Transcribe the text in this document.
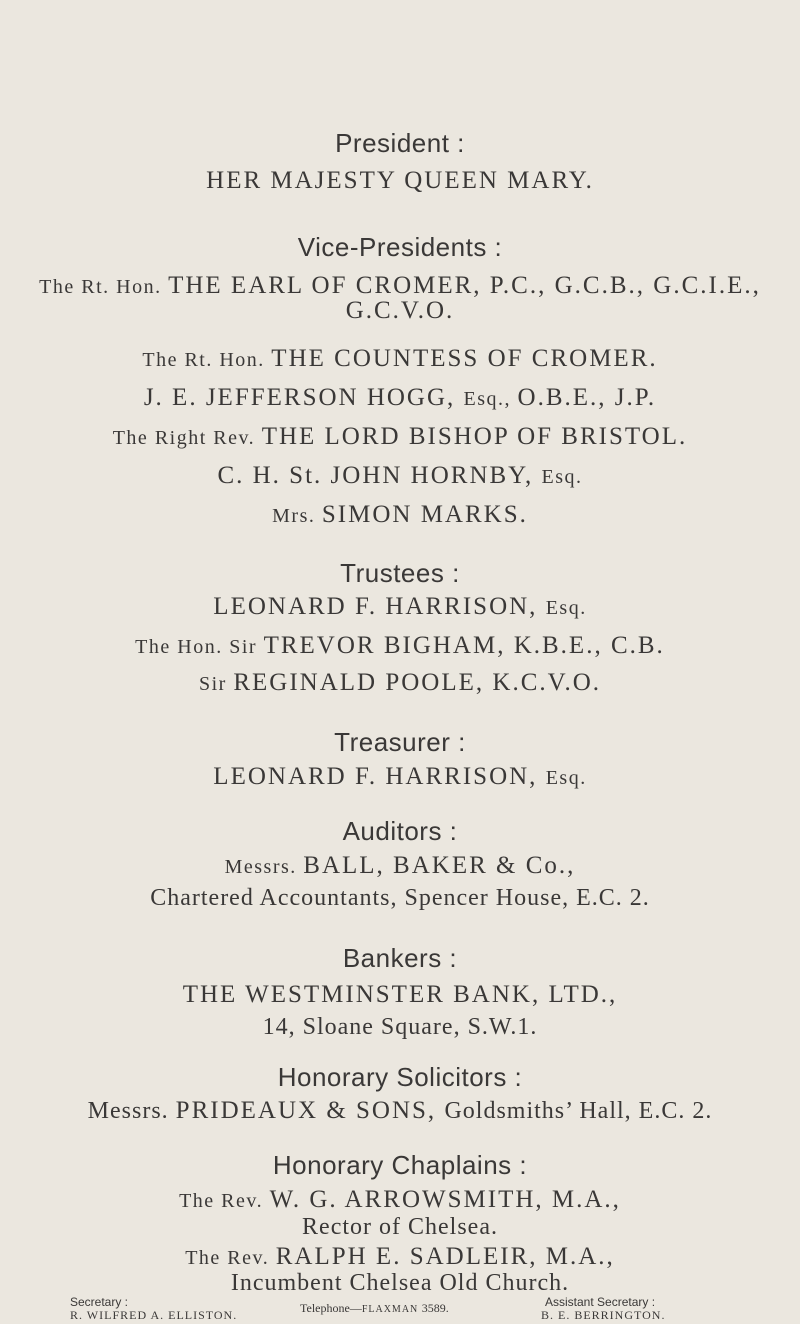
President :
HER MAJESTY QUEEN MARY.
Vice-Presidents :
The Rt. Hon. THE EARL OF CROMER, P.C., G.C.B., G.C.I.E.,
G.C.V.O.
The Rt. Hon. THE COUNTESS OF CROMER.
J. E. JEFFERSON HOGG, Esq., O.B.E., J.P.
The Right Rev. THE LORD BISHOP OF BRISTOL.
C. H. St. JOHN HORNBY, Esq.
Mrs. SIMON MARKS.
Trustees :
LEONARD F. HARRISON, Esq.
The Hon. Sir TREVOR BIGHAM, K.B.E., C.B.
Sir REGINALD POOLE, K.C.V.O.
Treasurer :
LEONARD F. HARRISON, Esq.
Auditors :
Messrs. BALL, BAKER & Co.,
Chartered Accountants, Spencer House, E.C. 2.
Bankers :
THE WESTMINSTER BANK, LTD.,
14, Sloane Square, S.W.1.
Honorary Solicitors :
Messrs. PRIDEAUX & SONS, Goldsmiths’ Hall, E.C. 2.
Honorary Chaplains :
The Rev. W. G. ARROWSMITH, M.A.,
Rector of Chelsea.
The Rev. RALPH E. SADLEIR, M.A.,
Incumbent Chelsea Old Church.
Secretary :
R. WILFRED A. ELLISTON.
Assistant Secretary :
B. E. BERRINGTON.
Telephone—FLAXMAN 3589.
